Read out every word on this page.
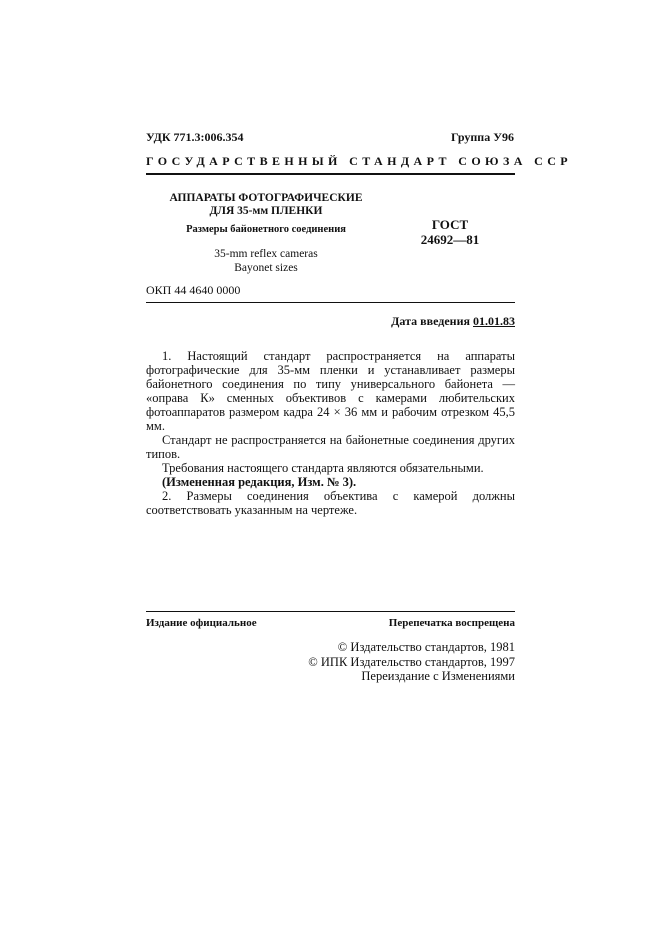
УДК 771.3:006.354	Группа У96
ГОСУДАРСТВЕННЫЙ СТАНДАРТ СОЮЗА ССР
АППАРАТЫ ФОТОГРАФИЧЕСКИЕ
ДЛЯ 35-мм ПЛЕНКИ
Размеры байонетного соединения	ГОСТ
24692—81
35-mm reflex cameras
Bayonet sizes
ОКП 44 4640 0000
Дата введения 01.01.83

1. Настоящий стандарт распространяется на аппараты фотографические для 35-мм пленки и устанавливает размеры байонетного соединения по типу универсального байонета — «оправа К» сменных объективов с камерами любительских фотоаппаратов размером кадра 24 × 36 мм и рабочим отрезком 45,5 мм.

Стандарт не распространяется на байонетные соединения других типов.

Требования настоящего стандарта являются обязательными.

(Измененная редакция, Изм. № 3).

2. Размеры соединения объектива с камерой должны соответствовать указанным на чертеже.

Издание официальное	Перепечатка воспрещена
© Издательство стандартов, 1981
© ИПК Издательство стандартов, 1997
Переиздание с Изменениями
